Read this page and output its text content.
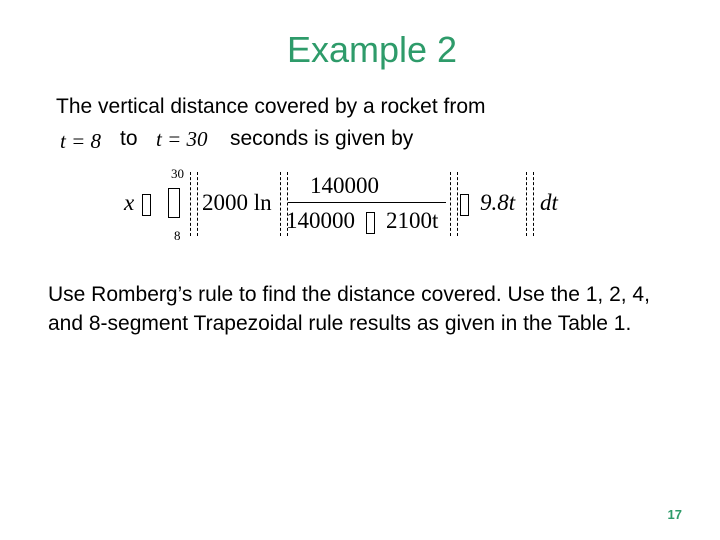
Example 2
The vertical distance covered by a rocket from
t = 8 to t = 30 seconds is given by
x
30
8
2000 ln
140000
140000 2100t
9.8t dt
Use Romberg’s rule to find the distance covered. Use the 1, 2, 4, and 8-segment Trapezoidal rule results as given in the Table 1.
17
